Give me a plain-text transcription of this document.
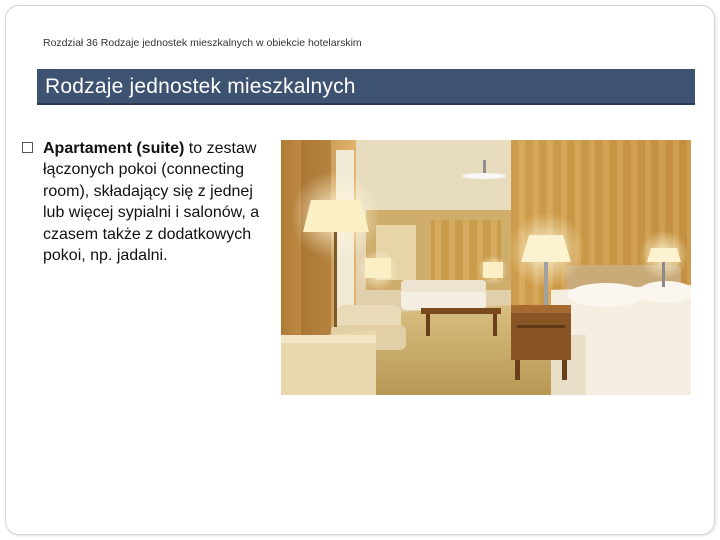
Rozdział 36 Rodzaje jednostek mieszkalnych w obiekcie hotelarskim
Rodzaje jednostek mieszkalnych
Apartament (suite) to zestaw łączonych pokoi (connecting room), składający się z jednej lub więcej sypialni i salonów, a czasem także z dodatkowych pokoi, np. jadalni.
